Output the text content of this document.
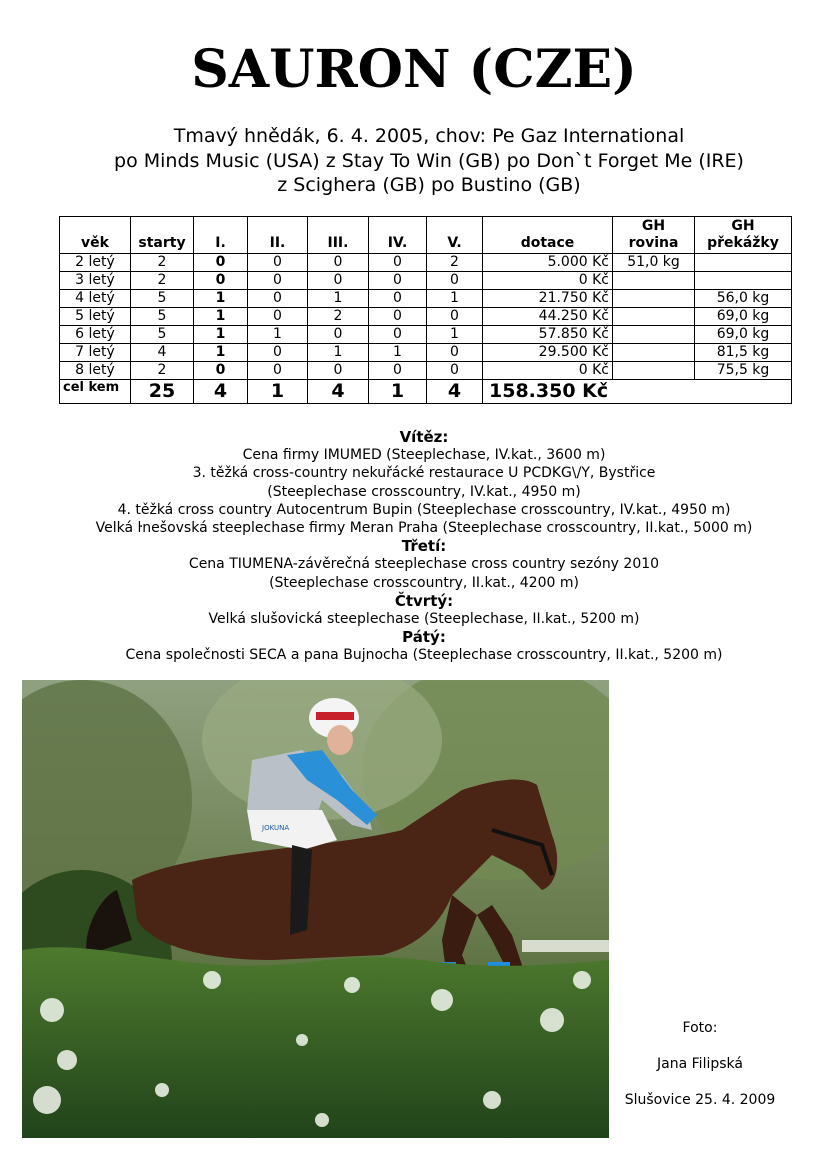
SAURON (CZE)
Tmavý hnědák, 6. 4. 2005, chov: Pe Gaz International
po Minds Music (USA) z Stay To Win (GB) po Don`t Forget Me (IRE)
z Scighera (GB) po Bustino (GB)
věk	starty	I.	II.	III.	IV.	V.	dotace	GH rovina	GH překážky
2 letý	2	0	0	0	0	2	5.000 Kč	51,0 kg	
3 letý	2	0	0	0	0	0	0 Kč		
4 letý	5	1	0	1	0	1	21.750 Kč		56,0 kg
5 letý	5	1	0	2	0	0	44.250 Kč		69,0 kg
6 letý	5	1	1	0	0	1	57.850 Kč		69,0 kg
7 letý	4	1	0	1	1	0	29.500 Kč		81,5 kg
8 letý	2	0	0	0	0	0	0 Kč		75,5 kg
cel kem	25	4	1	4	1	4	158.350 Kč		
Vítěz:
Cena firmy IMUMED (Steeplechase, IV.kat., 3600 m)
3. těžká cross-country nekuřácké restaurace U PCDKG\/Y, Bystřice
(Steeplechase crosscountry, IV.kat., 4950 m)
4. těžká cross country Autocentrum Bupin (Steeplechase crosscountry, IV.kat., 4950 m)
Velká ŀnešovská steeplechase firmy Meran Praha (Steeplechase crosscountry, II.kat., 5000 m)
Třetí:
Cena TIUMENA-závěrečná steeplechase cross country sezóny 2010
(Steeplechase crosscountry, II.kat., 4200 m)
Čtvrtý:
Velká slušovická steeplechase (Steeplechase, II.kat., 5200 m)
Pátý:
Cena společnosti SECA a pana Bujnocha (Steeplechase crosscountry, II.kat., 5200 m)
JOKUNA
Foto:
Jana Filipská
Slušovice 25. 4. 2009
